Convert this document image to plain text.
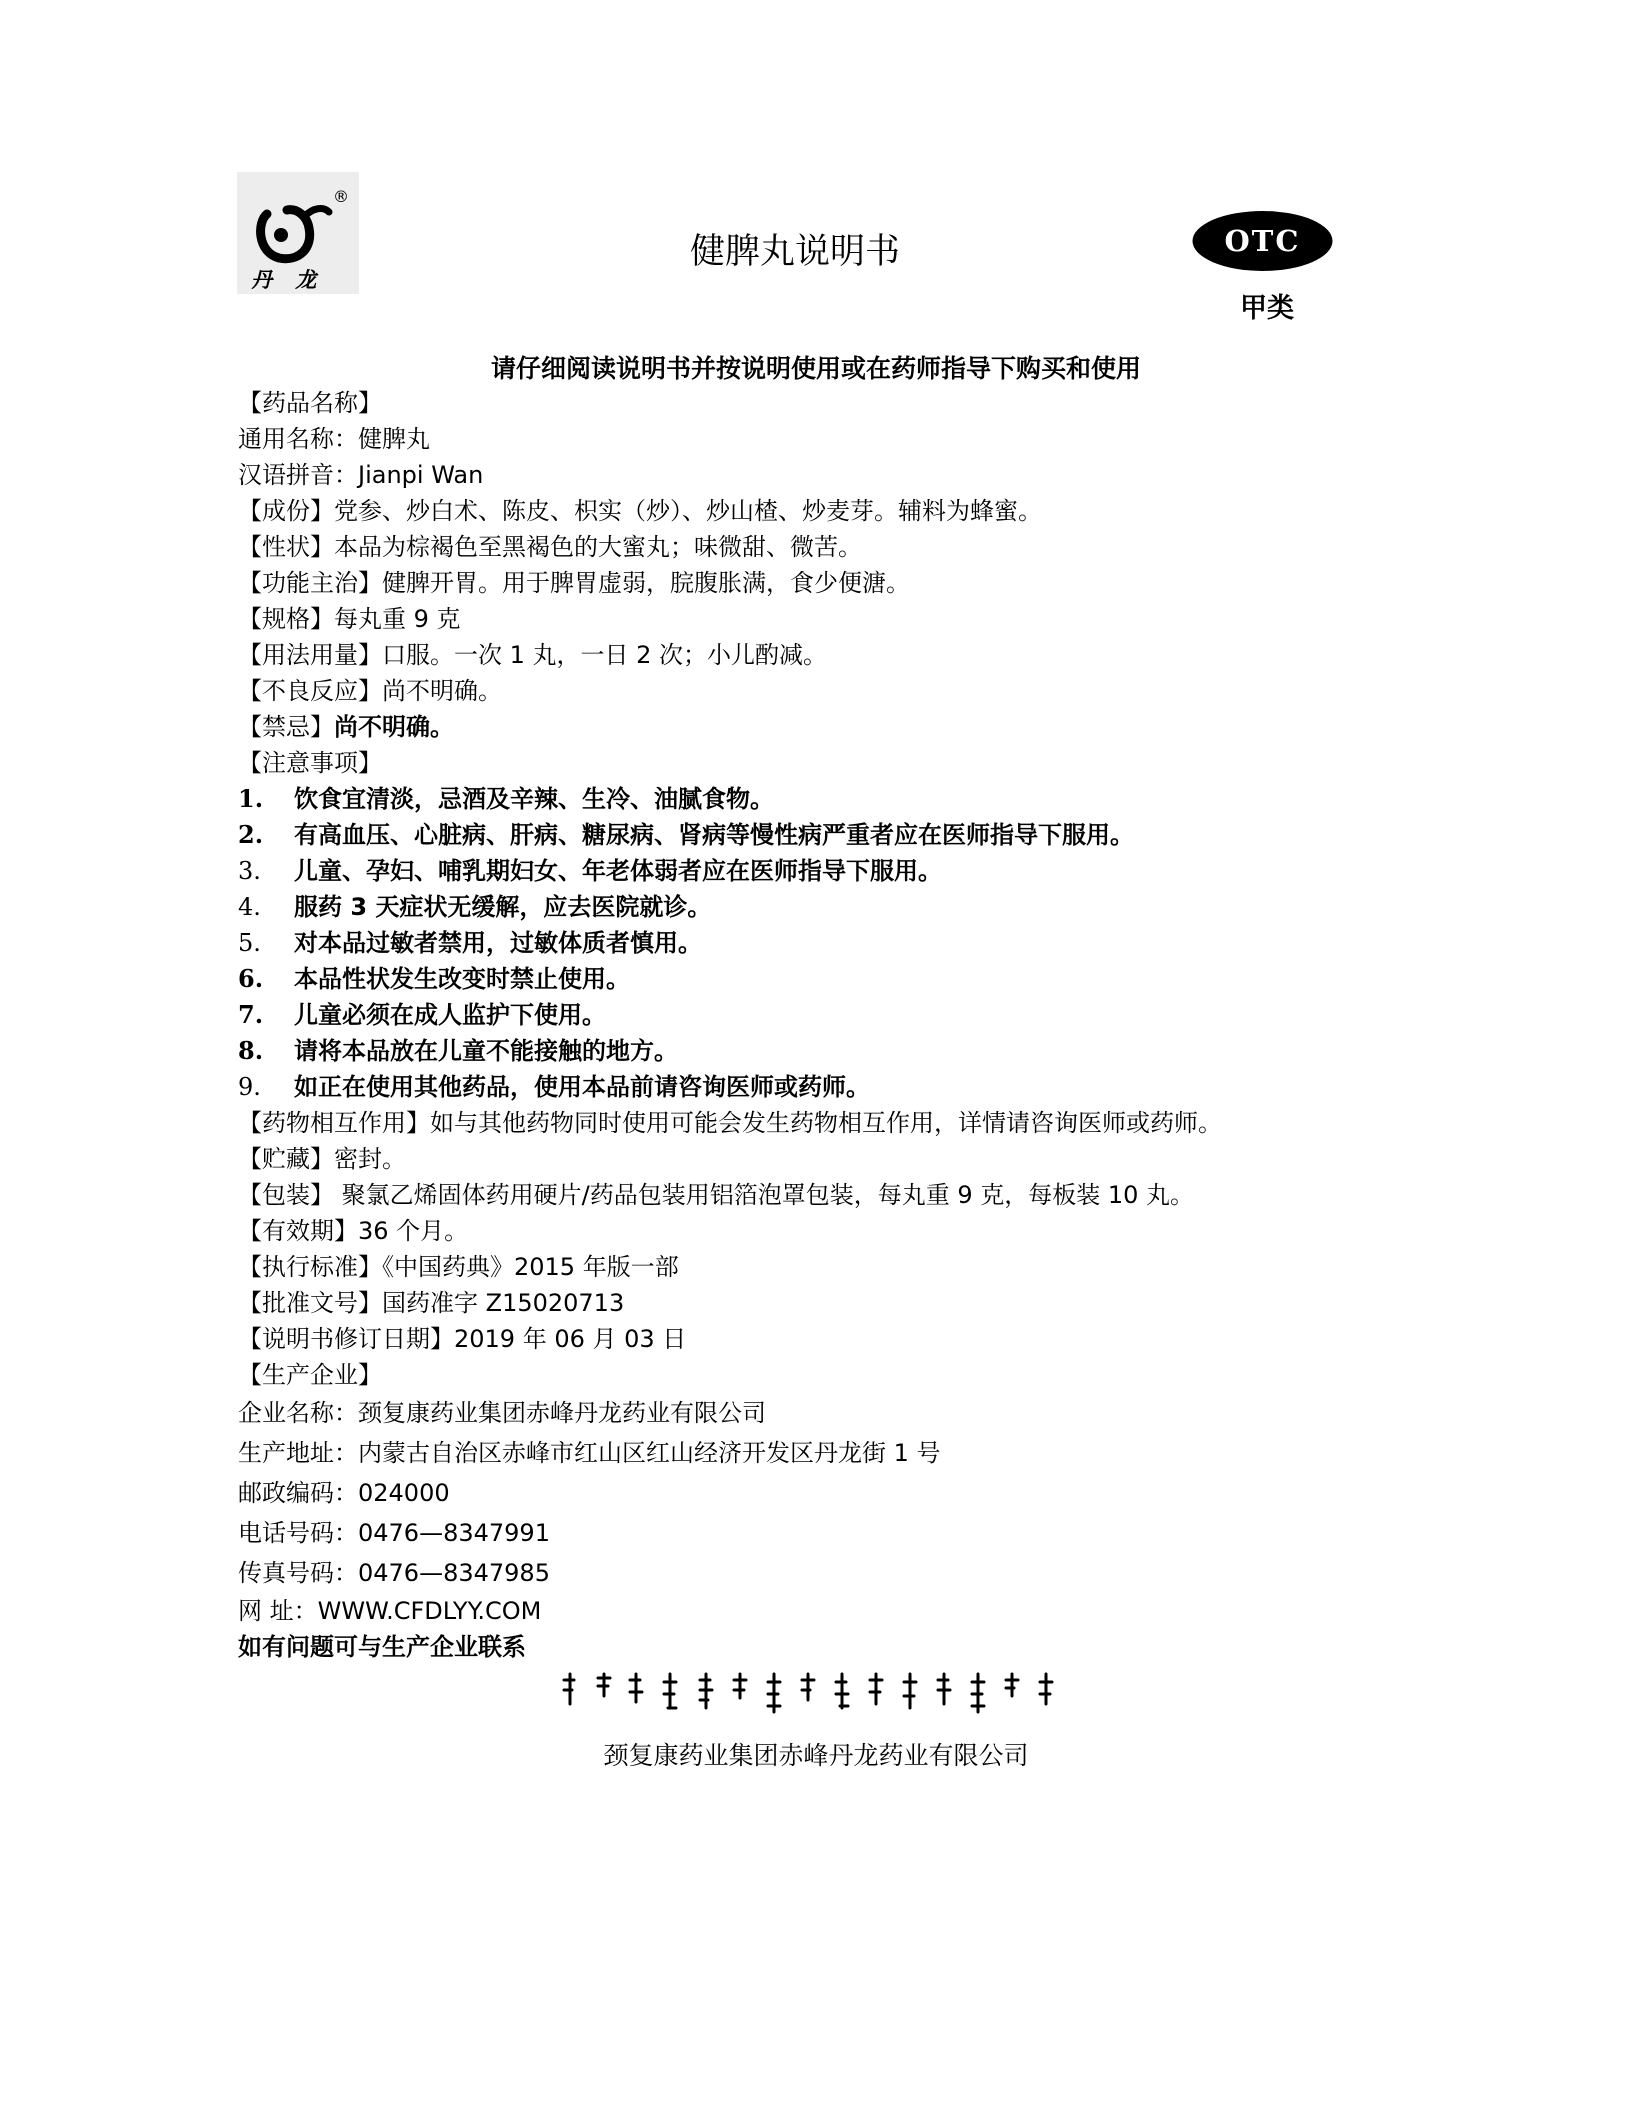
®
丹 龙
健脾丸说明书	OTC
甲类
请仔细阅读说明书并按说明使用或在药师指导下购买和使用
【药品名称】
通用名称：健脾丸
汉语拼音：Jianpi Wan
【成份】党参、炒白术、陈皮、枳实（炒）、炒山楂、炒麦芽。辅料为蜂蜜。
【性状】本品为棕褐色至黑褐色的大蜜丸；味微甜、微苦。
【功能主治】健脾开胃。用于脾胃虚弱，脘腹胀满，食少便溏。
【规格】每丸重 9 克
【用法用量】口服。一次 1 丸，一日 2 次；小儿酌减。
【不良反应】尚不明确。
【禁忌】尚不明确。
【注意事项】
1. 饮食宜清淡，忌酒及辛辣、生冷、油腻食物。
2. 有高血压、心脏病、肝病、糖尿病、肾病等慢性病严重者应在医师指导下服用。
3. 儿童、孕妇、哺乳期妇女、年老体弱者应在医师指导下服用。
4. 服药 3 天症状无缓解，应去医院就诊。
5. 对本品过敏者禁用，过敏体质者慎用。
6. 本品性状发生改变时禁止使用。
7. 儿童必须在成人监护下使用。
8. 请将本品放在儿童不能接触的地方。
9. 如正在使用其他药品，使用本品前请咨询医师或药师。
【药物相互作用】如与其他药物同时使用可能会发生药物相互作用，详情请咨询医师或药师。
【贮藏】密封。
【包装】 聚氯乙烯固体药用硬片/药品包装用铝箔泡罩包装，每丸重 9 克，每板装 10 丸。
【有效期】36 个月。
【执行标准】《中国药典》2015 年版一部
【批准文号】国药准字 Z15020713
【说明书修订日期】2019 年 06 月 03 日
【生产企业】
企业名称：颈复康药业集团赤峰丹龙药业有限公司
生产地址：内蒙古自治区赤峰市红山区红山经济开发区丹龙街 1 号
邮政编码：024000
电话号码：0476—8347991
传真号码：0476—8347985
网 址：WWW.CFDLYY.COM
如有问题可与生产企业联系
颈复康药业集团赤峰丹龙药业有限公司
